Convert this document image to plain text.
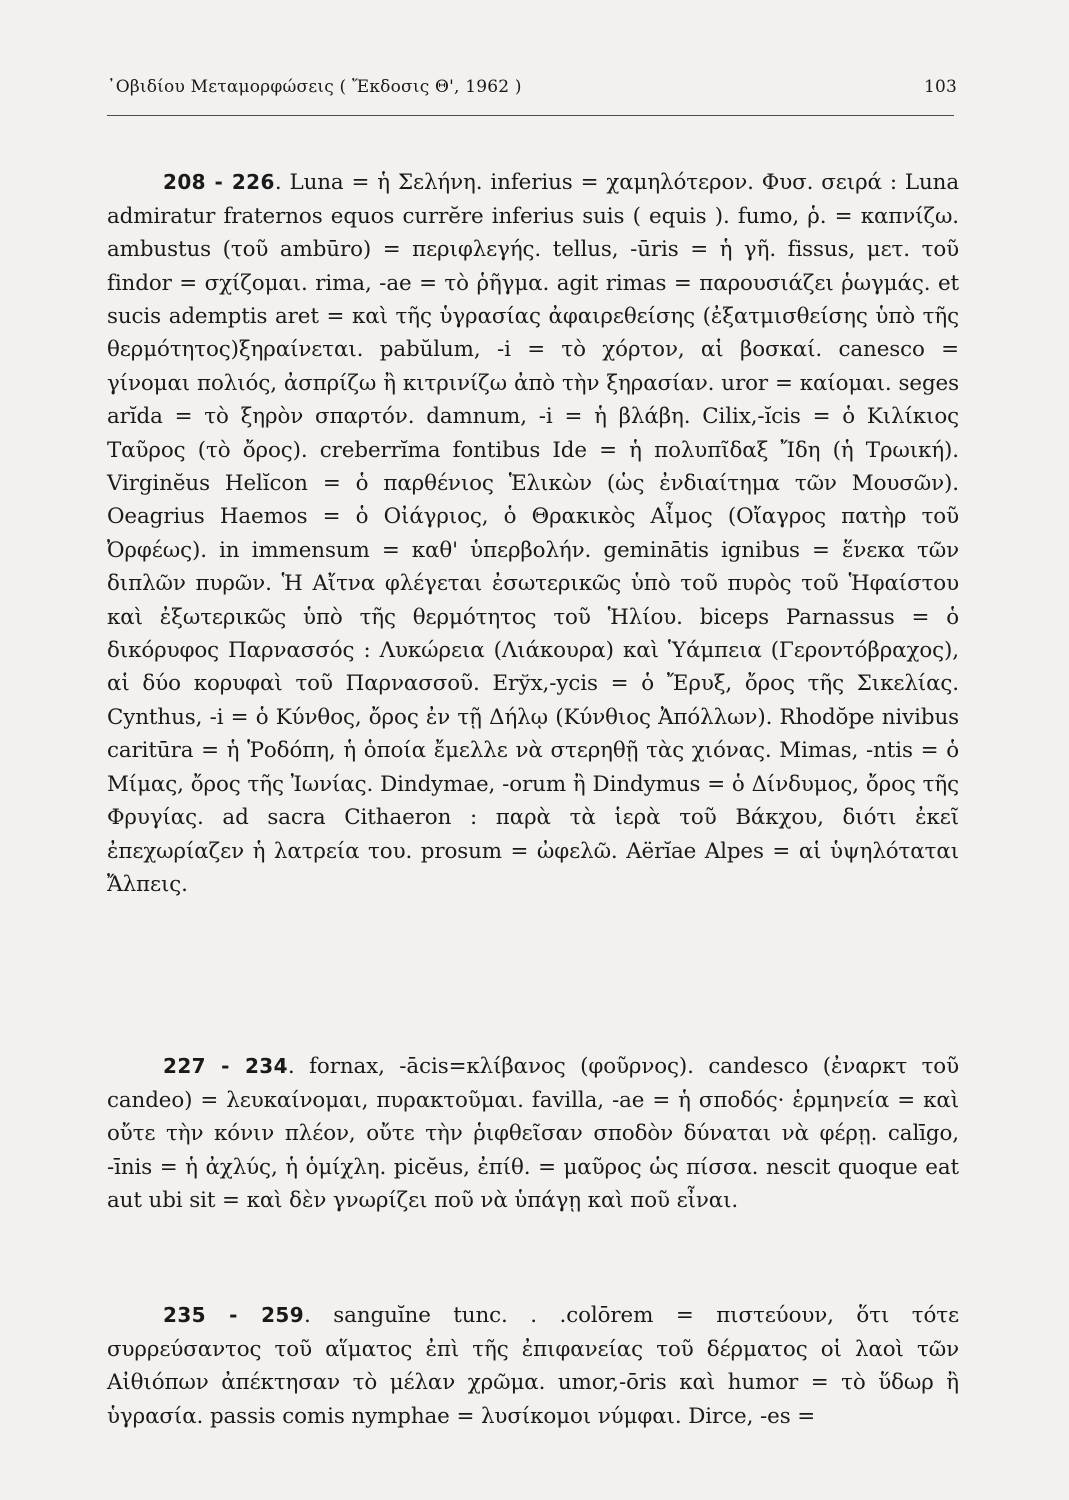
᾿Οβιδίου Μεταμορφώσεις ( Ἔκδοσις Θ', 1962 )	103

208 - 226. Luna = ἡ Σελήνη. inferius = χαμηλότερον. Φυσ. σειρά : Luna admiratur fraternos equos currĕre inferius suis ( equis ). fumo, ῥ. = καπνίζω. ambustus (τοῦ ambūro) = περιφλεγής. tellus, -ūris = ἡ γῆ. fissus, μετ. τοῦ findor = σχίζομαι. rima, -ae = τὸ ῥῆγμα. agit rimas = παρουσιάζει ῥωγμάς. et sucis ademptis aret = καὶ τῆς ὑγρασίας ἀφαιρεθείσης (ἐξατμισθείσης ὑπὸ τῆς θερμότητος)ξηραίνεται. pabŭlum, -i = τὸ χόρτον, αἱ βοσκαί. canesco = γίνομαι πολιός, ἀσπρίζω ἢ κιτρινίζω ἀπὸ τὴν ξηρασίαν. uror = καίομαι. seges arĭda = τὸ ξηρὸν σπαρτόν. damnum, -i = ἡ βλάβη. Cilix,-ĭcis = ὁ Κιλίκιος Ταῦρος (τὸ ὄρος). creberrĭma fontibus Ide = ἡ πολυπῖδαξ Ἴδη (ἡ Τρωική). Virginĕus Helĭcon = ὁ παρθένιος Ἑλικὼν (ὡς ἐνδιαίτημα τῶν Μουσῶν). Oeagrius Haemos = ὁ Οἰάγριος, ὁ Θρακικὸς Αἶμος (Οἴαγρος πατὴρ τοῦ Ὀρφέως). in immensum = καθ' ὑπερβολήν. geminātis ignibus = ἕνεκα τῶν διπλῶν πυρῶν. Ἡ Αἴτνα φλέγεται ἐσωτερικῶς ὑπὸ τοῦ πυρὸς τοῦ Ἡφαίστου καὶ ἐξωτερικῶς ὑπὸ τῆς θερμότητος τοῦ Ἡλίου. biceps Parnassus = ὁ δικόρυφος Παρνασσός : Λυκώρεια (Λιάκουρα) καὶ Ὑάμπεια (Γεροντόβραχος), αἱ δύο κορυφαὶ τοῦ Παρνασσοῦ. Erўx,-ycis = ὁ Ἔρυξ, ὄρος τῆς Σικελίας. Cynthus, -i = ὁ Κύνθος, ὄρος ἐν τῇ Δήλῳ (Κύνθιος Ἀπόλλων). Rhodŏpe nivibus caritūra = ἡ Ῥοδόπη, ἡ ὁποία ἔμελλε νὰ στερηθῇ τὰς χιόνας. Mimas, -ntis = ὁ Μίμας, ὄρος τῆς Ἰωνίας. Dindymae, -orum ἢ Dindymus = ὁ Δίνδυμος, ὄρος τῆς Φρυγίας. ad sacra Cithaeron : παρὰ τὰ ἱερὰ τοῦ Βάκχου, διότι ἐκεῖ ἐπεχωρίαζεν ἡ λατρεία του. prosum = ὠφελῶ. Aërĭae Alpes = αἱ ὑψηλόταται Ἄλπεις.

227 - 234. fornax, -ācis=κλίβανος (φοῦρνος). candesco (ἐναρκτ τοῦ candeo) = λευκαίνομαι, πυρακτοῦμαι. favilla, -ae = ἡ σποδός· ἑρμηνεία = καὶ οὔτε τὴν κόνιν πλέον, οὔτε τὴν ῥιφθεῖσαν σποδὸν δύναται νὰ φέρῃ. calīgo, -īnis = ἡ ἀχλύς, ἡ ὁμίχλη. picĕus, ἐπίθ. = μαῦρος ὡς πίσσα. nescit quoque eat aut ubi sit = καὶ δὲν γνωρίζει ποῦ νὰ ὑπάγῃ καὶ ποῦ εἶναι.

235 - 259. sanguĭne tunc. . .colōrem = πιστεύουν, ὅτι τότε συρρεύσαντος τοῦ αἵματος ἐπὶ τῆς ἐπιφανείας τοῦ δέρματος οἱ λαοὶ τῶν Αἰθιόπων ἀπέκτησαν τὸ μέλαν χρῶμα. umor,-ōris καὶ humor = τὸ ὕδωρ ἢ ὑγρασία. passis comis nymphae = λυσίκομοι νύμφαι. Dirce, -es =
